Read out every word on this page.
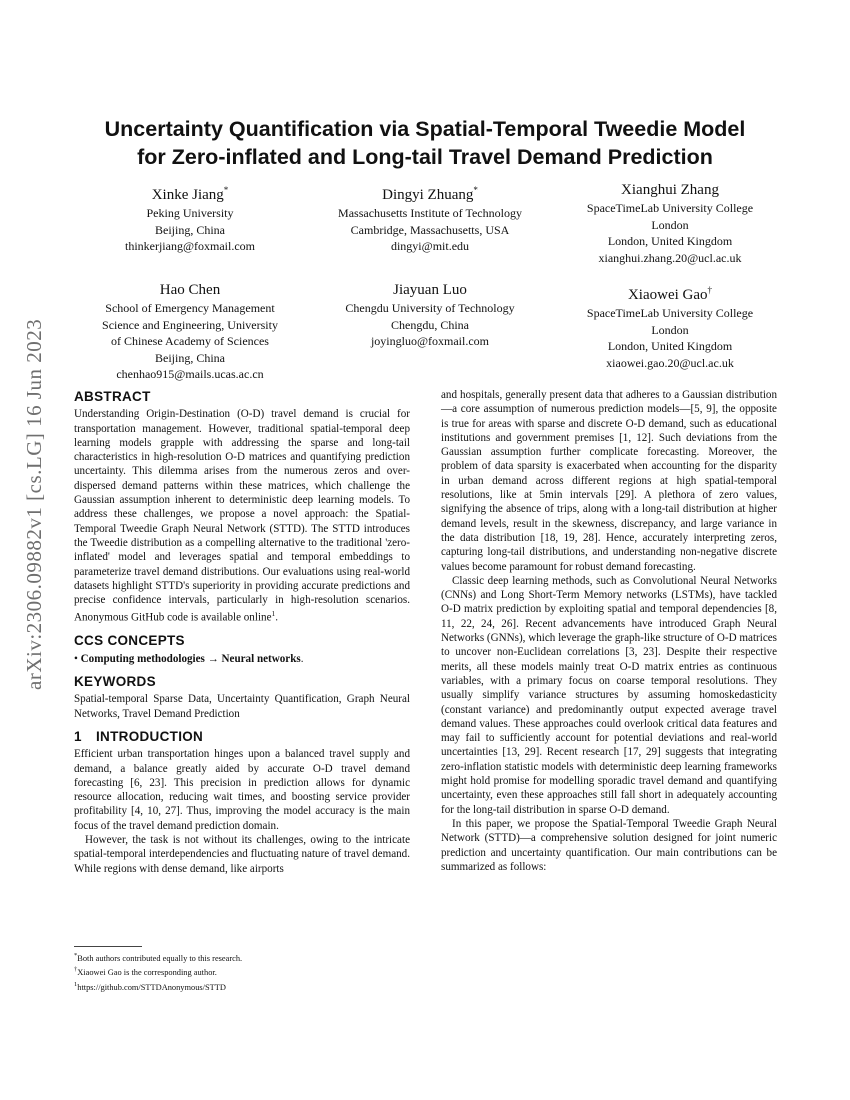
arXiv:2306.09882v1 [cs.LG] 16 Jun 2023
Uncertainty Quantification via Spatial-Temporal Tweedie Model
for Zero-inflated and Long-tail Travel Demand Prediction
Xinke Jiang*
Peking University
Beijing, China
thinkerjiang@foxmail.com
Dingyi Zhuang*
Massachusetts Institute of Technology
Cambridge, Massachusetts, USA
dingyi@mit.edu
Xianghui Zhang
SpaceTimeLab University College
London
London, United Kingdom
xianghui.zhang.20@ucl.ac.uk
Hao Chen
School of Emergency Management
Science and Engineering, University
of Chinese Academy of Sciences
Beijing, China
chenhao915@mails.ucas.ac.cn
Jiayuan Luo
Chengdu University of Technology
Chengdu, China
joyingluo@foxmail.com
Xiaowei Gao†
SpaceTimeLab University College
London
London, United Kingdom
xiaowei.gao.20@ucl.ac.uk
ABSTRACT

Understanding Origin-Destination (O-D) travel demand is crucial for transportation management. However, traditional spatial-temporal deep learning models grapple with addressing the sparse and long-tail characteristics in high-resolution O-D matrices and quantifying prediction uncertainty. This dilemma arises from the numerous zeros and over-dispersed demand patterns within these matrices, which challenge the Gaussian assumption inherent to deterministic deep learning models. To address these challenges, we propose a novel approach: the Spatial-Temporal Tweedie Graph Neural Network (STTD). The STTD introduces the Tweedie distribution as a compelling alternative to the traditional 'zero-inflated' model and leverages spatial and temporal embeddings to parameterize travel demand distributions. Our evaluations using real-world datasets highlight STTD's superiority in providing accurate predictions and precise confidence intervals, particularly in high-resolution scenarios. Anonymous GitHub code is available online$^1$.

CCS CONCEPTS

• Computing methodologies → Neural networks.

KEYWORDS

Spatial-temporal Sparse Data, Uncertainty Quantification, Graph Neural Networks, Travel Demand Prediction

1 INTRODUCTION

Efficient urban transportation hinges upon a balanced travel supply and demand, a balance greatly aided by accurate O-D travel demand forecasting [6, 23]. This precision in prediction allows for dynamic resource allocation, reducing wait times, and boosting service provider profitability [4, 10, 27]. Thus, improving the model accuracy is the main focus of the travel demand prediction domain.

However, the task is not without its challenges, owing to the intricate spatial-temporal interdependencies and fluctuating nature of travel demand. While regions with dense demand, like airports

*Both authors contributed equally to this research.
†Xiaowei Gao is the corresponding author.
$^1$https://github.com/STTDAnonymous/STTD

and hospitals, generally present data that adheres to a Gaussian distribution—a core assumption of numerous prediction models—[5, 9], the opposite is true for areas with sparse and discrete O-D demand, such as educational institutions and government premises [1, 12]. Such deviations from the Gaussian assumption further complicate forecasting. Moreover, the problem of data sparsity is exacerbated when accounting for the disparity in urban demand across different regions at high spatial-temporal resolutions, like at 5min intervals [29]. A plethora of zero values, signifying the absence of trips, along with a long-tail distribution at higher demand levels, result in the skewness, discrepancy, and large variance in the data distribution [18, 19, 28]. Hence, accurately interpreting zeros, capturing long-tail distributions, and understanding non-negative discrete values become paramount for robust demand forecasting.

Classic deep learning methods, such as Convolutional Neural Networks (CNNs) and Long Short-Term Memory networks (LSTMs), have tackled O-D matrix prediction by exploiting spatial and temporal dependencies [8, 11, 22, 24, 26]. Recent advancements have introduced Graph Neural Networks (GNNs), which leverage the graph-like structure of O-D matrices to uncover non-Euclidean correlations [3, 23]. Despite their respective merits, all these models mainly treat O-D matrix entries as continuous variables, with a primary focus on coarse temporal resolutions. They usually simplify variance structures by assuming homoskedasticity (constant variance) and predominantly output expected average travel demand values. These approaches could overlook critical data features and may fail to sufficiently account for potential deviations and real-world uncertainties [13, 29]. Recent research [17, 29] suggests that integrating zero-inflation statistic models with deterministic deep learning frameworks might hold promise for modelling sporadic travel demand and quantifying uncertainty, even these approaches still fall short in adequately accounting for the long-tail distribution in sparse O-D demand.

In this paper, we propose the Spatial-Temporal Tweedie Graph Neural Network (STTD)—a comprehensive solution designed for joint numeric prediction and uncertainty quantification. Our main contributions can be summarized as follows:
